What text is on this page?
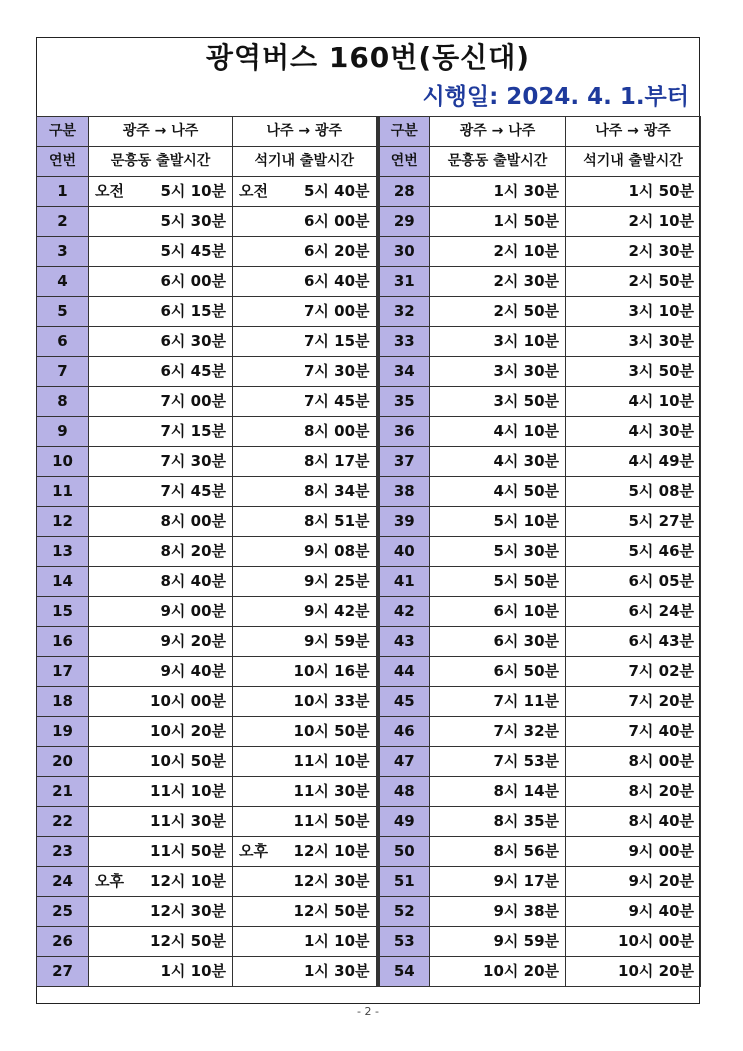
광역버스 160번(동신대)
시행일: 2024. 4. 1.부터
구분	광주 → 나주	나주 → 광주	구분	광주 → 나주	나주 → 광주
연번	문흥동 출발시간	석기내 출발시간	연번	문흥동 출발시간	석기내 출발시간
1	오전 5시 10분	오전 5시 40분	28	1시 30분	1시 50분
2	5시 30분	6시 00분	29	1시 50분	2시 10분
3	5시 45분	6시 20분	30	2시 10분	2시 30분
4	6시 00분	6시 40분	31	2시 30분	2시 50분
5	6시 15분	7시 00분	32	2시 50분	3시 10분
6	6시 30분	7시 15분	33	3시 10분	3시 30분
7	6시 45분	7시 30분	34	3시 30분	3시 50분
8	7시 00분	7시 45분	35	3시 50분	4시 10분
9	7시 15분	8시 00분	36	4시 10분	4시 30분
10	7시 30분	8시 17분	37	4시 30분	4시 49분
11	7시 45분	8시 34분	38	4시 50분	5시 08분
12	8시 00분	8시 51분	39	5시 10분	5시 27분
13	8시 20분	9시 08분	40	5시 30분	5시 46분
14	8시 40분	9시 25분	41	5시 50분	6시 05분
15	9시 00분	9시 42분	42	6시 10분	6시 24분
16	9시 20분	9시 59분	43	6시 30분	6시 43분
17	9시 40분	10시 16분	44	6시 50분	7시 02분
18	10시 00분	10시 33분	45	7시 11분	7시 20분
19	10시 20분	10시 50분	46	7시 32분	7시 40분
20	10시 50분	11시 10분	47	7시 53분	8시 00분
21	11시 10분	11시 30분	48	8시 14분	8시 20분
22	11시 30분	11시 50분	49	8시 35분	8시 40분
23	11시 50분	오후 12시 10분	50	8시 56분	9시 00분
24	오후 12시 10분	12시 30분	51	9시 17분	9시 20분
25	12시 30분	12시 50분	52	9시 38분	9시 40분
26	12시 50분	1시 10분	53	9시 59분	10시 00분
27	1시 10분	1시 30분	54	10시 20분	10시 20분
- 2 -
